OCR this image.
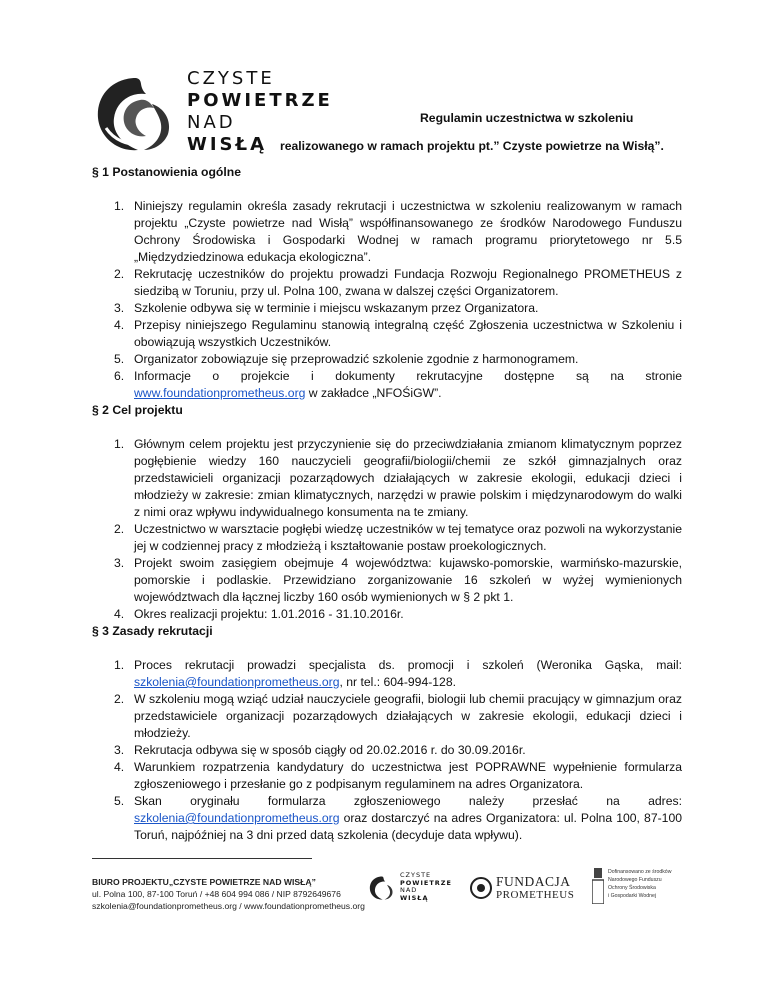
CZYSTE
POWIETRZE
NAD
WISŁĄ
Regulamin uczestnictwa w szkoleniu
realizowanego w ramach projektu pt.” Czyste powietrze na Wisłą”.

§ 1 Postanowienia ogólne

1. Niniejszy regulamin określa zasady rekrutacji i uczestnictwa w szkoleniu realizowanym w ramach projektu „Czyste powietrze nad Wisłą” współfinansowanego ze środków Narodowego Funduszu Ochrony Środowiska i Gospodarki Wodnej w ramach programu priorytetowego nr 5.5 „Międzydziedzinowa edukacja ekologiczna”.
2. Rekrutację uczestników do projektu prowadzi Fundacja Rozwoju Regionalnego PROMETHEUS z siedzibą w Toruniu, przy ul. Polna 100, zwana w dalszej części Organizatorem.
3. Szkolenie odbywa się w terminie i miejscu wskazanym przez Organizatora.
4. Przepisy niniejszego Regulaminu stanowią integralną część Zgłoszenia uczestnictwa w Szkoleniu i obowiązują wszystkich Uczestników.
5. Organizator zobowiązuje się przeprowadzić szkolenie zgodnie z harmonogramem.
6. Informacje o projekcie i dokumenty rekrutacyjne dostępne są na stronie www.foundationprometheus.org w zakładce „NFOŚiGW”.

§ 2 Cel projektu

1. Głównym celem projektu jest przyczynienie się do przeciwdziałania zmianom klimatycznym poprzez pogłębienie wiedzy 160 nauczycieli geografii/biologii/chemii ze szkół gimnazjalnych oraz przedstawicieli organizacji pozarządowych działających w zakresie ekologii, edukacji dzieci i młodzieży w zakresie: zmian klimatycznych, narzędzi w prawie polskim i międzynarodowym do walki z nimi oraz wpływu indywidualnego konsumenta na te zmiany.
2. Uczestnictwo w warsztacie pogłębi wiedzę uczestników w tej tematyce oraz pozwoli na wykorzystanie jej w codziennej pracy z młodzieżą i kształtowanie postaw proekologicznych.
3. Projekt swoim zasięgiem obejmuje 4 województwa: kujawsko-pomorskie, warmińsko-mazurskie, pomorskie i podlaskie. Przewidziano zorganizowanie 16 szkoleń w wyżej wymienionych województwach dla łącznej liczby 160 osób wymienionych w § 2 pkt 1.
4. Okres realizacji projektu: 1.01.2016 - 31.10.2016r.

§ 3 Zasady rekrutacji

1. Proces rekrutacji prowadzi specjalista ds. promocji i szkoleń (Weronika Gąska, mail: szkolenia@foundationprometheus.org, nr tel.: 604-994-128.
2. W szkoleniu mogą wziąć udział nauczyciele geografii, biologii lub chemii pracujący w gimnazjum oraz przedstawiciele organizacji pozarządowych działających w zakresie ekologii, edukacji dzieci i młodzieży.
3. Rekrutacja odbywa się w sposób ciągły od 20.02.2016 r. do 30.09.2016r.
4. Warunkiem rozpatrzenia kandydatury do uczestnictwa jest POPRAWNE wypełnienie formularza zgłoszeniowego i przesłanie go z podpisanym regulaminem na adres Organizatora.
5. Skan oryginału formularza zgłoszeniowego należy przesłać na adres: szkolenia@foundationprometheus.org oraz dostarczyć na adres Organizatora: ul. Polna 100, 87-100 Toruń, najpóźniej na 3 dni przed datą szkolenia (decyduje data wpływu).
BIURO PROJEKTU„CZYSTE POWIETRZE NAD WISŁĄ”
ul. Polna 100, 87-100 Toruń / +48 604 994 086 / NIP 8792649676
szkolenia@foundationprometheus.org / www.foundationprometheus.org
CZYSTE
POWIETRZE
NAD
WISŁĄ
FUNDACJA
PROMETHEUS
Dofinansowano ze środków
Narodowego Funduszu
Ochrony Środowiska
i Gospodarki Wodnej
